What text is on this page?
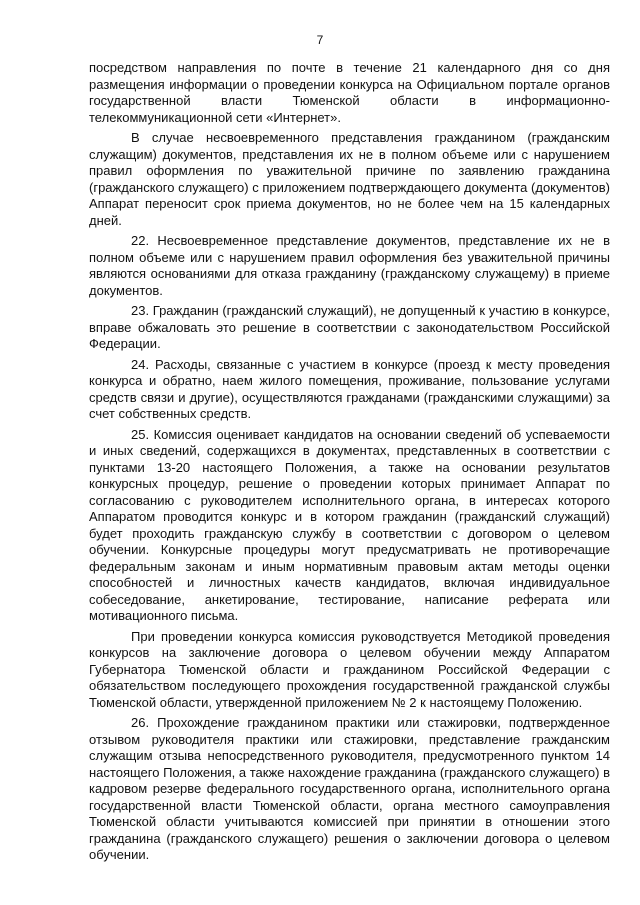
7

посредством направления по почте в течение 21 календарного дня со дня размещения информации о проведении конкурса на Официальном портале органов государственной власти Тюменской области в информационно-телекоммуникационной сети «Интернет».

В случае несвоевременного представления гражданином (гражданским служащим) документов, представления их не в полном объеме или с нарушением правил оформления по уважительной причине по заявлению гражданина (гражданского служащего) с приложением подтверждающего документа (документов) Аппарат переносит срок приема документов, но не более чем на 15 календарных дней.

22. Несвоевременное представление документов, представление их не в полном объеме или с нарушением правил оформления без уважительной причины являются основаниями для отказа гражданину (гражданскому служащему) в приеме документов.

23. Гражданин (гражданский служащий), не допущенный к участию в конкурсе, вправе обжаловать это решение в соответствии с законодательством Российской Федерации.

24. Расходы, связанные с участием в конкурсе (проезд к месту проведения конкурса и обратно, наем жилого помещения, проживание, пользование услугами средств связи и другие), осуществляются гражданами (гражданскими служащими) за счет собственных средств.

25. Комиссия оценивает кандидатов на основании сведений об успеваемости и иных сведений, содержащихся в документах, представленных в соответствии с пунктами 13-20 настоящего Положения, а также на основании результатов конкурсных процедур, решение о проведении которых принимает Аппарат по согласованию с руководителем исполнительного органа, в интересах которого Аппаратом проводится конкурс и в котором гражданин (гражданский служащий) будет проходить гражданскую службу в соответствии с договором о целевом обучении. Конкурсные процедуры могут предусматривать не противоречащие федеральным законам и иным нормативным правовым актам методы оценки способностей и личностных качеств кандидатов, включая индивидуальное собеседование, анкетирование, тестирование, написание реферата или мотивационного письма.

При проведении конкурса комиссия руководствуется Методикой проведения конкурсов на заключение договора о целевом обучении между Аппаратом Губернатора Тюменской области и гражданином Российской Федерации с обязательством последующего прохождения государственной гражданской службы Тюменской области, утвержденной приложением № 2 к настоящему Положению.

26. Прохождение гражданином практики или стажировки, подтвержденное отзывом руководителя практики или стажировки, представление гражданским служащим отзыва непосредственного руководителя, предусмотренного пунктом 14 настоящего Положения, а также нахождение гражданина (гражданского служащего) в кадровом резерве федерального государственного органа, исполнительного органа государственной власти Тюменской области, органа местного самоуправления Тюменской области учитываются комиссией при принятии в отношении этого гражданина (гражданского служащего) решения о заключении договора о целевом обучении.
